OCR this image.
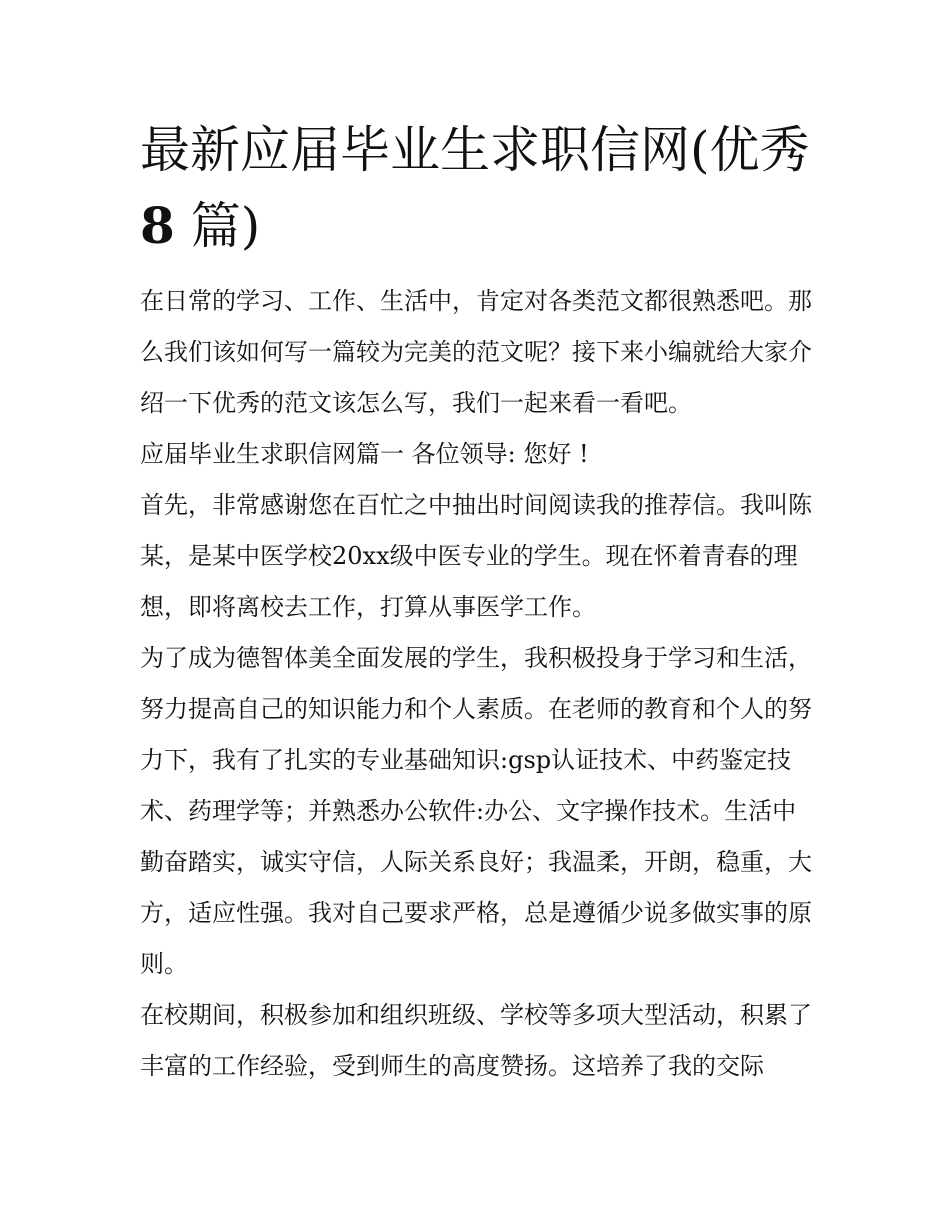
最新应届毕业生求职信网(优秀
8 篇)

在日常的学习、工作、生活中，肯定对各类范文都很熟悉吧。那么我们该如何写一篇较为完美的范文呢？接下来小编就给大家介绍一下优秀的范文该怎么写，我们一起来看一看吧。

应届毕业生求职信网篇一 各位领导: 您好 !

首先，非常感谢您在百忙之中抽出时间阅读我的推荐信。我叫陈某，是某中医学校20xx级中医专业的学生。现在怀着青春的理想，即将离校去工作，打算从事医学工作。

为了成为德智体美全面发展的学生，我积极投身于学习和生活，努力提高自己的知识能力和个人素质。在老师的教育和个人的努力下，我有了扎实的专业基础知识:gsp认证技术、中药鉴定技术、药理学等；并熟悉办公软件:办公、文字操作技术。生活中勤奋踏实，诚实守信，人际关系良好；我温柔，开朗，稳重，大方，适应性强。我对自己要求严格，总是遵循少说多做实事的原则。

在校期间，积极参加和组织班级、学校等多项大型活动，积累了丰富的工作经验，受到师生的高度赞扬。这培养了我的交际
